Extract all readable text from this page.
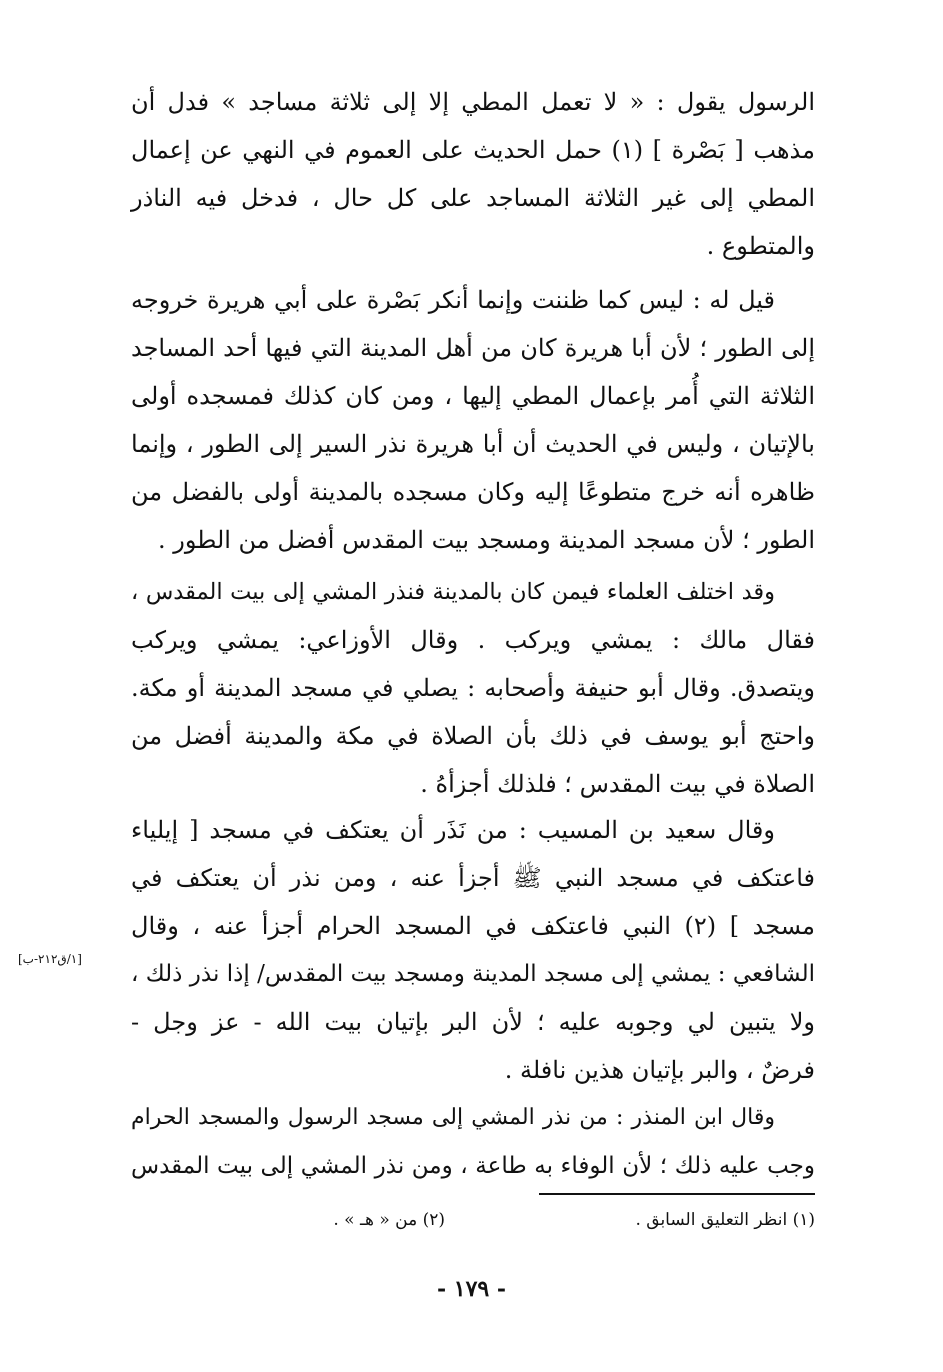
الرسول يقول : « لا تعمل المطي إلا إلى ثلاثة مساجد » فدل أن
مذهب [ بَصْرة ] (١) حمل الحديث على العموم في النهي عن إعمال
المطي إلى غير الثلاثة المساجد على كل حال ، فدخل فيه الناذر
والمتطوع .

قيل له : ليس كما ظننت وإنما أنكر بَصْرة على أبي هريرة خروجه
إلى الطور ؛ لأن أبا هريرة كان من أهل المدينة التي فيها أحد المساجد
الثلاثة التي أُمر بإعمال المطي إليها ، ومن كان كذلك فمسجده أولى
بالإتيان ، وليس في الحديث أن أبا هريرة نذر السير إلى الطور ، وإنما
ظاهره أنه خرج متطوعًا إليه وكان مسجده بالمدينة أولى بالفضل من
الطور ؛ لأن مسجد المدينة ومسجد بيت المقدس أفضل من الطور .

وقد اختلف العلماء فيمن كان بالمدينة فنذر المشي إلى بيت المقدس ،
فقال مالك : يمشي ويركب . وقال الأوزاعي: يمشي ويركب
ويتصدق. وقال أبو حنيفة وأصحابه : يصلي في مسجد المدينة أو مكة.
واحتج أبو يوسف في ذلك بأن الصلاة في مكة والمدينة أفضل من
الصلاة في بيت المقدس ؛ فلذلك أجزأهُ .

وقال سعيد بن المسيب : من نَذَر أن يعتكف في مسجد [ إيلياء
فاعتكف في مسجد النبي ﷺ أجزأ عنه ، ومن نذر أن يعتكف في
مسجد ] (٢) النبي فاعتكف في المسجد الحرام أجزأ عنه ، وقال
الشافعي : يمشي إلى مسجد المدينة ومسجد بيت المقدس/ إذا نذر ذلك ،
ولا يتبين لي وجوبه عليه ؛ لأن البر بإتيان بيت الله - عز وجل -
فرضٌ ، والبر بإتيان هذين نافلة .

وقال ابن المنذر : من نذر المشي إلى مسجد الرسول والمسجد الحرام
وجب عليه ذلك ؛ لأن الوفاء به طاعة ، ومن نذر المشي إلى بيت المقدس

[١/ق٢١٢-ب]
(١) انظر التعليق السابق .
(٢) من « هـ » .
- ١٧٩ -
